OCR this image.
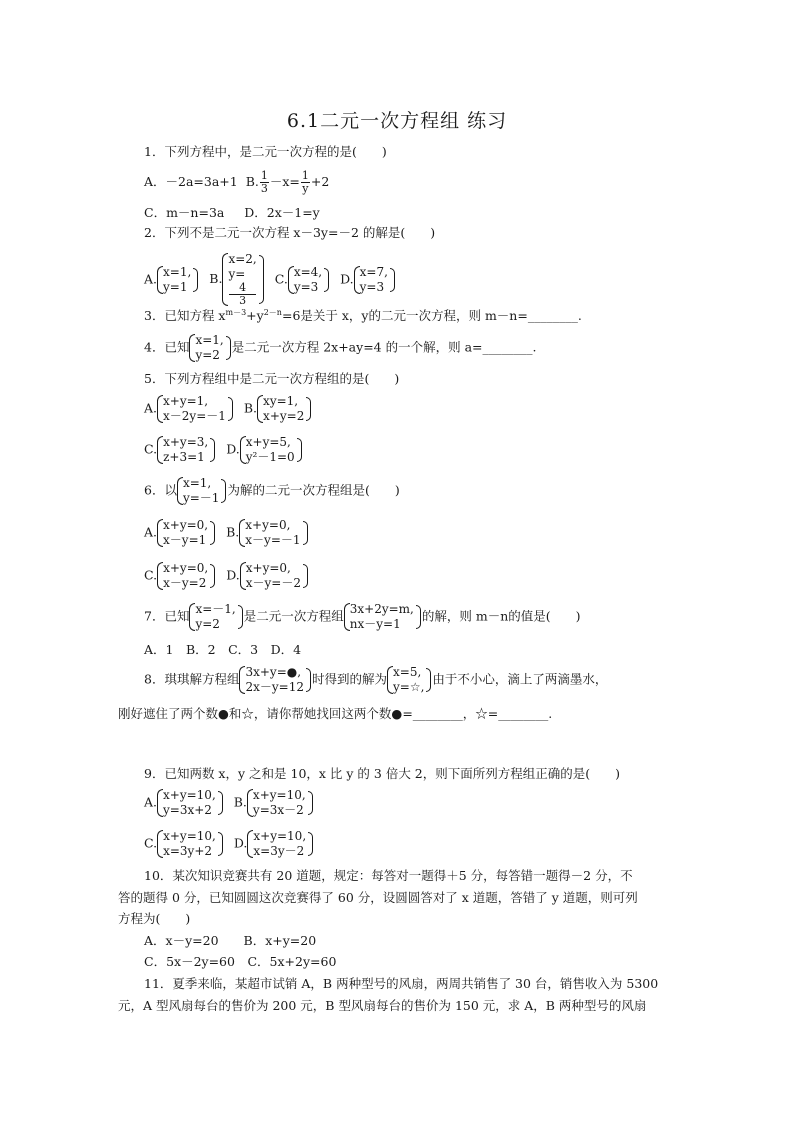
6.1二元一次方程组 练习
1．下列方程中，是二元一次方程的是(　　)
A．－2a=3a+1 B. $\frac{1}{3} -x= \frac{1}{y} +2$
C．m－n=3a D．2x－1=y
2．下列不是二元一次方程 x－3y=－2 的解是(　　)
A. x=1,
y=1
B.
x=2,
y=
4
3
C. x=4,
y=3
D. x=7,
y=3
3．已知方程 $x^{m-3}+y^{2-n}=6$是关于 x，y的二元一次方程，则 m－n=________.
4．已知 x=1,
y=2
是二元一次方程 2x+ay=4 的一个解，则 a=________.
5．下列方程组中是二元一次方程组的是(　　)
A. x+y=1,
x－2y=－1
B. xy=1,
x+y=2
C. x+y=3,
z+3=1
D. x+y=5,
y²－1=0
6．以 x=1,
y=－1
为解的二元一次方程组是(　　)
A. x+y=0,
x－y=1
B. x+y=0,
x－y=－1
C. x+y=0,
x－y=2
D. x+y=0,
x－y=－2
7．已知 x=－1,
y=2
是二元一次方程组 3x+2y=m,
nx－y=1
的解，则 m－n的值是(　　)
A．1　B．2　C．3　D．4
8．琪琪解方程组 3x+y=●,
2x－y=12
时得到的解为 x=5,
y=☆,
由于不小心，滴上了两滴墨水，
刚好遮住了两个数●和☆，请你帮她找回这两个数●=________，☆=________.
9．已知两数 x，y 之和是 10，x 比 y 的 3 倍大 2，则下面所列方程组正确的是(　　)
A. x+y=10,
y=3x+2
B. x+y=10,
y=3x－2
C. x+y=10,
x=3y+2
D. x+y=10,
x=3y－2
10．某次知识竞赛共有 20 道题，规定：每答对一题得＋5 分，每答错一题得－2 分，不
答的题得 0 分，已知圆圆这次竞赛得了 60 分，设圆圆答对了 x 道题，答错了 y 道题，则可列
方程为(　　)
A．x－y=20　　B．x+y=20
C．5x－2y=60　C．5x+2y=60
11．夏季来临，某超市试销 A，B 两种型号的风扇，两周共销售了 30 台，销售收入为 5300
元，A 型风扇每台的售价为 200 元，B 型风扇每台的售价为 150 元，求 A，B 两种型号的风扇
